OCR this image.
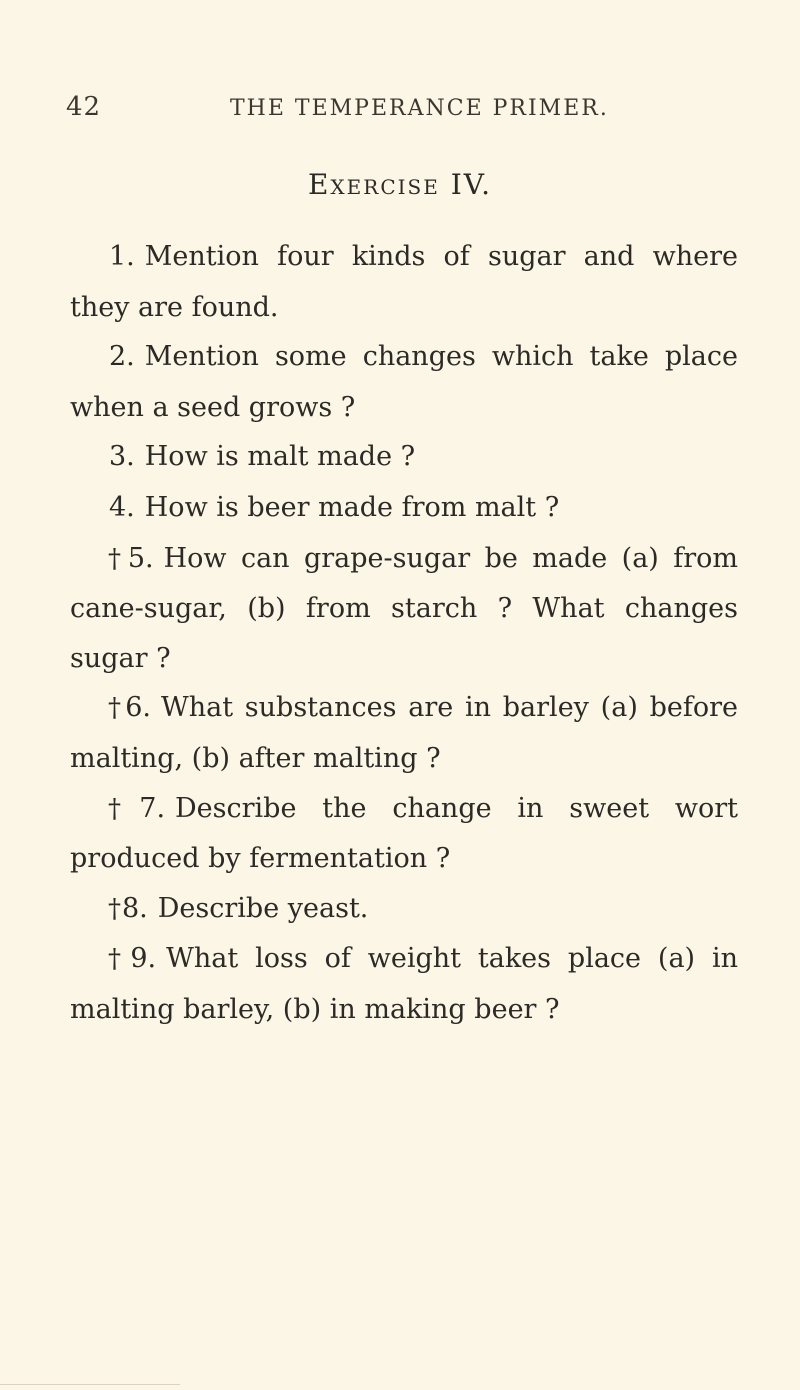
42	THE TEMPERANCE PRIMER.
Exercise IV.

1. Mention four kinds of sugar and where they are found.

2. Mention some changes which take place when a seed grows ?

3. How is malt made ?

4. How is beer made from malt ?

†5. How can grape-sugar be made (a) from cane-sugar, (b) from starch ? What changes sugar ?

†6. What substances are in barley (a) before malting, (b) after malting ?

†7. Describe the change in sweet wort produced by fermentation ?

†8. Describe yeast.

†9. What loss of weight takes place (a) in malting barley, (b) in making beer ?
